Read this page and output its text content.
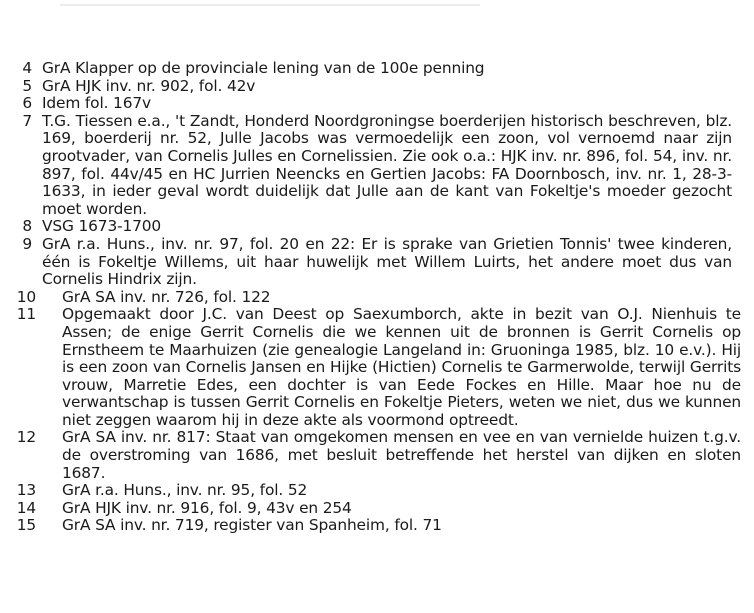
4 GrA Klapper op de provinciale lening van de 100e penning
5 GrA HJK inv. nr. 902, fol. 42v
6 Idem fol. 167v
7 T.G. Tiessen e.a., 't Zandt, Honderd Noordgroningse boerderijen historisch beschreven, blz. 169, boerderij nr. 52, Julle Jacobs was vermoedelijk een zoon, vol vernoemd naar zijn grootvader, van Cornelis Julles en Cornelissien. Zie ook o.a.: HJK inv. nr. 896, fol. 54, inv. nr. 897, fol. 44v/45 en HC Jurrien Neencks en Gertien Jacobs: FA Doornbosch, inv. nr. 1, 28-3-1633, in ieder geval wordt duidelijk dat Julle aan de kant van Fokeltje's moeder gezocht moet worden.
8 VSG 1673-1700
9 GrA r.a. Huns., inv. nr. 97, fol. 20 en 22: Er is sprake van Grietien Tonnis' twee kinderen, één is Fokeltje Willems, uit haar huwelijk met Willem Luirts, het andere moet dus van Cornelis Hindrix zijn.
10 GrA SA inv. nr. 726, fol. 122
11 Opgemaakt door J.C. van Deest op Saexumborch, akte in bezit van O.J. Nienhuis te Assen; de enige Gerrit Cornelis die we kennen uit de bronnen is Gerrit Cornelis op Ernstheem te Maarhuizen (zie genealogie Langeland in: Gruoninga 1985, blz. 10 e.v.). Hij is een zoon van Cornelis Jansen en Hijke (Hictien) Cornelis te Garmerwolde, terwijl Gerrits vrouw, Marretie Edes, een dochter is van Eede Fockes en Hille. Maar hoe nu de verwantschap is tussen Gerrit Cornelis en Fokeltje Pieters, weten we niet, dus we kunnen niet zeggen waarom hij in deze akte als voormond optreedt.
12 GrA SA inv. nr. 817: Staat van omgekomen mensen en vee en van vernielde huizen t.g.v. de overstroming van 1686, met besluit betreffende het herstel van dijken en sloten 1687.
13 GrA r.a. Huns., inv. nr. 95, fol. 52
14 GrA HJK inv. nr. 916, fol. 9, 43v en 254
15 GrA SA inv. nr. 719, register van Spanheim, fol. 71
